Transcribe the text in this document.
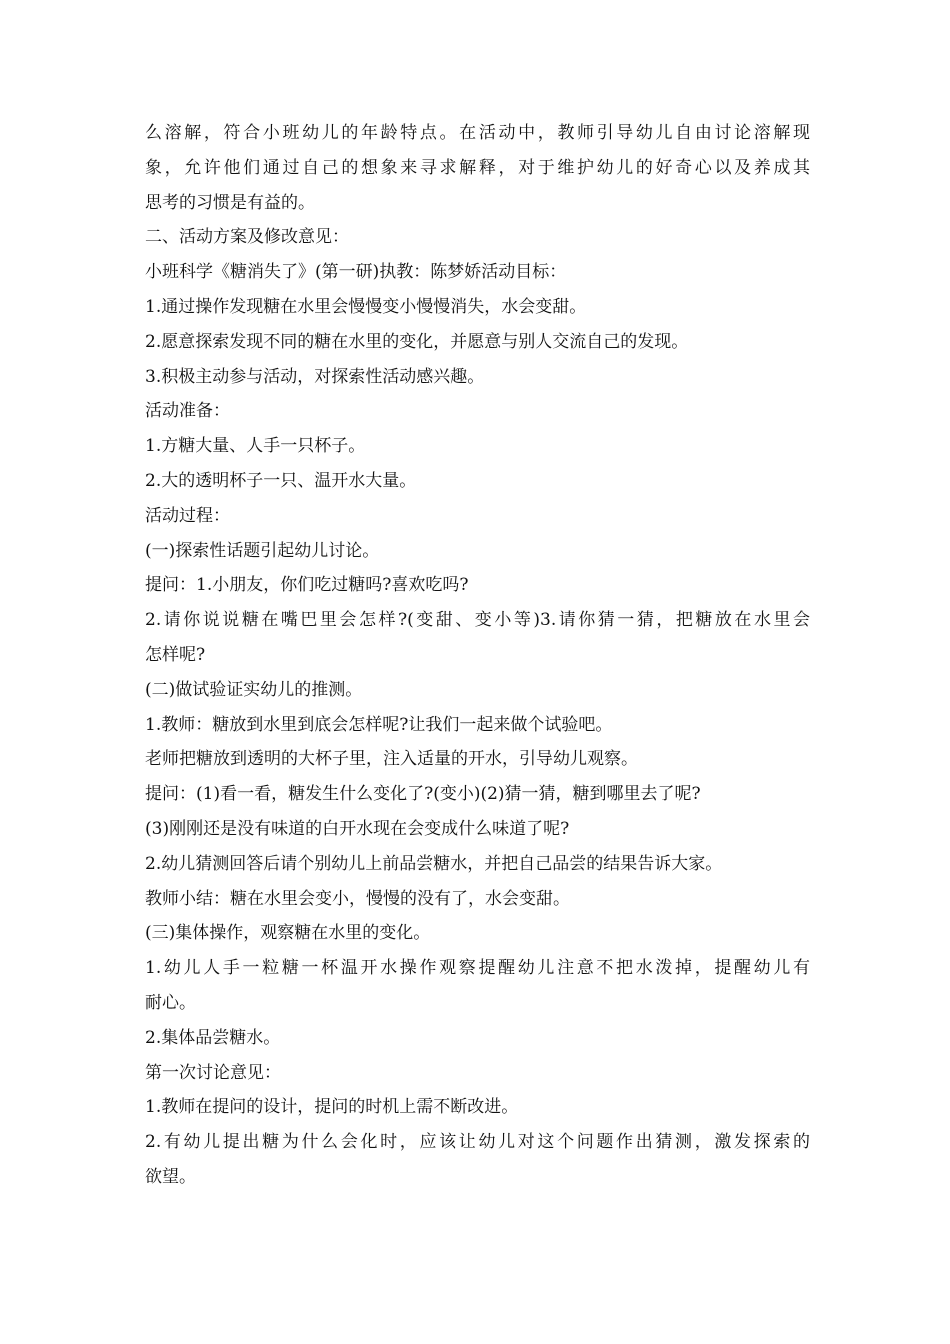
么溶解，符合小班幼儿的年龄特点。在活动中，教师引导幼儿自由讨论溶解现
象，允许他们通过自己的想象来寻求解释，对于维护幼儿的好奇心以及养成其
思考的习惯是有益的。
二、活动方案及修改意见：
小班科学《糖消失了》(第一研)执教：陈梦娇活动目标：
1.通过操作发现糖在水里会慢慢变小慢慢消失，水会变甜。
2.愿意探索发现不同的糖在水里的变化，并愿意与别人交流自己的发现。
3.积极主动参与活动，对探索性活动感兴趣。
活动准备：
1.方糖大量、人手一只杯子。
2.大的透明杯子一只、温开水大量。
活动过程：
(一)探索性话题引起幼儿讨论。
提问：1.小朋友，你们吃过糖吗?喜欢吃吗?
2.请你说说糖在嘴巴里会怎样?(变甜、变小等)3.请你猜一猜，把糖放在水里会
怎样呢?
(二)做试验证实幼儿的推测。
1.教师：糖放到水里到底会怎样呢?让我们一起来做个试验吧。
老师把糖放到透明的大杯子里，注入适量的开水，引导幼儿观察。
提问：(1)看一看，糖发生什么变化了?(变小)(2)猜一猜，糖到哪里去了呢?
(3)刚刚还是没有味道的白开水现在会变成什么味道了呢?
2.幼儿猜测回答后请个别幼儿上前品尝糖水，并把自己品尝的结果告诉大家。
教师小结：糖在水里会变小，慢慢的没有了，水会变甜。
(三)集体操作，观察糖在水里的变化。
1.幼儿人手一粒糖一杯温开水操作观察提醒幼儿注意不把水泼掉，提醒幼儿有
耐心。
2.集体品尝糖水。
第一次讨论意见：
1.教师在提问的设计，提问的时机上需不断改进。
2.有幼儿提出糖为什么会化时，应该让幼儿对这个问题作出猜测，激发探索的
欲望。
